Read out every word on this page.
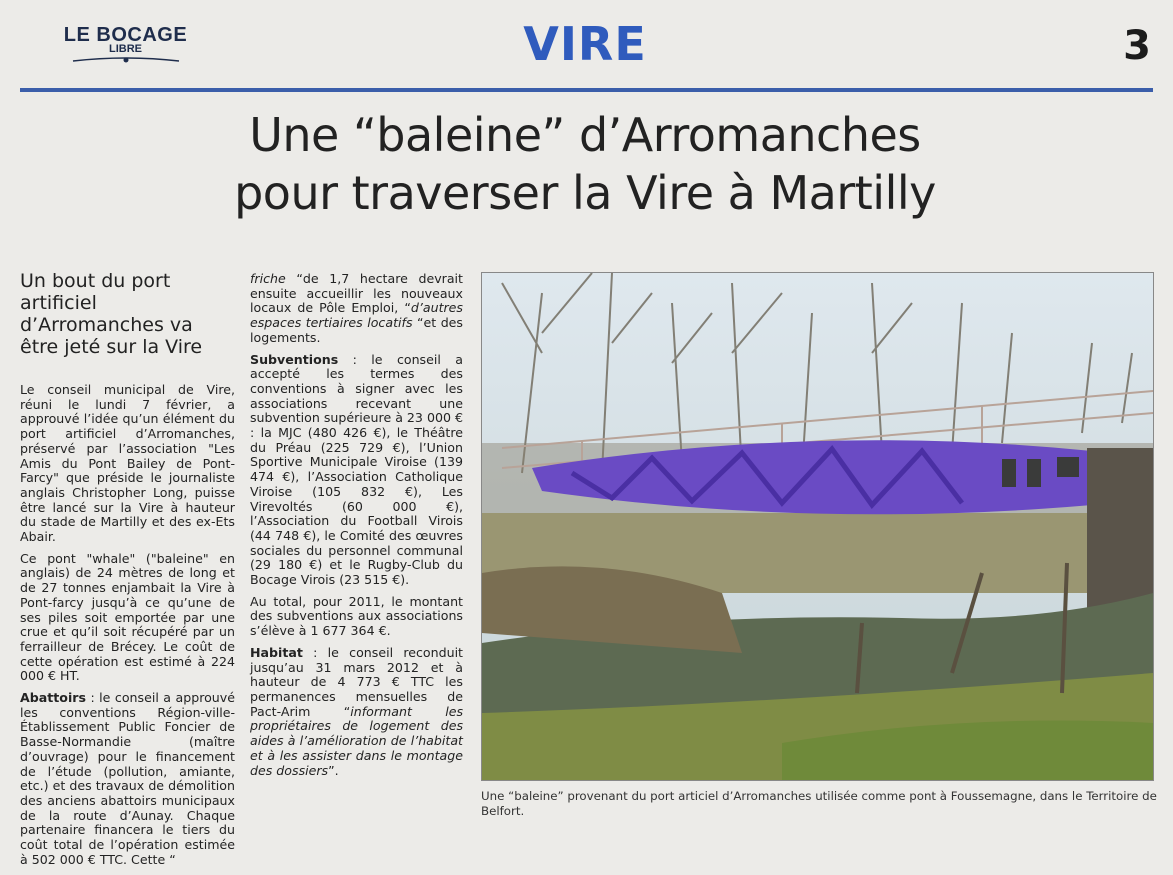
LE BOCAGE
LIBRE	VIRE	3
Une “baleine” d’Arromanches
pour traverser la Vire à Martilly
Un bout du port artificiel d’Arromanches va être jeté sur la Vire

Le conseil municipal de Vire, réuni le lundi 7 février, a approuvé l’idée qu’un élément du port artificiel d’Arromanches, préservé par l’association "Les Amis du Pont Bailey de Pont-Farcy" que préside le journaliste anglais Christopher Long, puisse être lancé sur la Vire à hauteur du stade de Martilly et des ex-Ets Abair.

Ce pont "whale" ("baleine" en anglais) de 24 mètres de long et de 27 tonnes enjambait la Vire à Pont-farcy jusqu’à ce qu’une de ses piles soit emportée par une crue et qu’il soit récupéré par un ferrailleur de Brécey. Le coût de cette opération est estimé à 224 000 € HT.

Abattoirs : le conseil a approuvé les conventions Région-ville-Établissement Public Foncier de Basse-Normandie (maître d’ouvrage) pour le financement de l’étude (pollution, amiante, etc.) et des travaux de démolition des anciens abattoirs municipaux de la route d’Aunay. Chaque partenaire financera le tiers du coût total de l’opération estimée à 502 000 € TTC. Cette “

friche “de 1,7 hectare devrait ensuite accueillir les nouveaux locaux de Pôle Emploi, “d’autres espaces tertiaires locatifs “et des logements.

Subventions : le conseil a accepté les termes des conventions à signer avec les associations recevant une subvention supérieure à 23 000 € : la MJC (480 426 €), le Théâtre du Préau (225 729 €), l’Union Sportive Municipale Viroise (139 474 €), l’Association Catholique Viroise (105 832 €), Les Virevoltés (60 000 €), l’Association du Football Virois (44 748 €), le Comité des œuvres sociales du personnel communal (29 180 €) et le Rugby-Club du Bocage Virois (23 515 €).

Au total, pour 2011, le montant des subventions aux associations s’élève à 1 677 364 €.

Habitat : le conseil reconduit jusqu’au 31 mars 2012 et à hauteur de 4 773 € TTC les permanences mensuelles de Pact-Arim “informant les propriétaires de logement des aides à l’amélioration de l’habitat et à les assister dans le montage des dossiers”.

Une “baleine” provenant du port articiel d’Arromanches utilisée comme pont à Foussemagne, dans le Territoire de Belfort.
